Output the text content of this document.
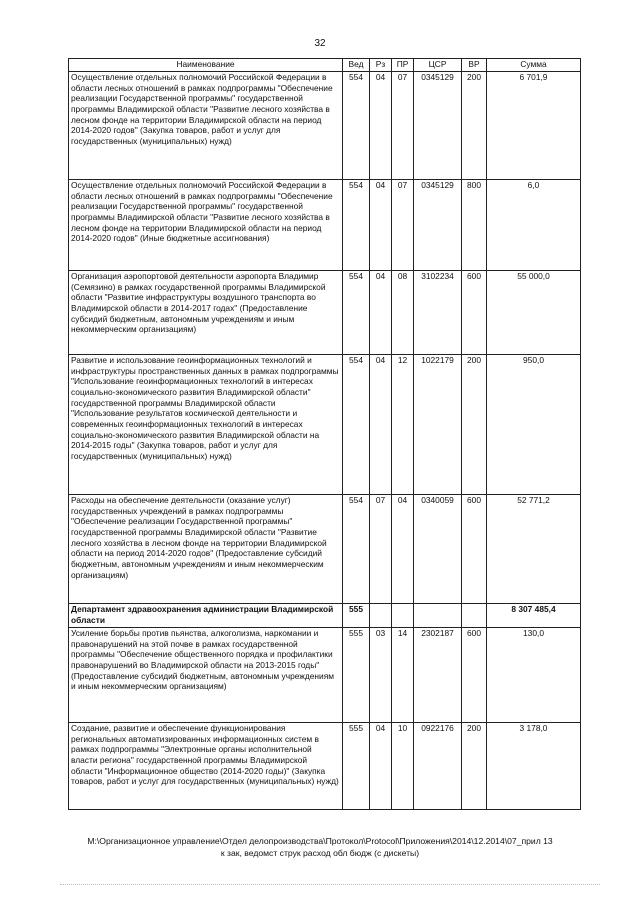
32
Наименование	Вед	Рз	ПР	ЦСР	ВР	Сумма
Осуществление отдельных полномочий Российской Федерации в области лесных отношений в рамках подпрограммы "Обеспечение реализации Государственной программы" государственной программы Владимирской области "Развитие лесного хозяйства в лесном фонде на территории Владимирской области на период 2014-2020 годов" (Закупка товаров, работ и услуг для государственных (муниципальных) нужд)	554	04	07	0345129	200	6 701,9
Осуществление отдельных полномочий Российской Федерации в области лесных отношений в рамках подпрограммы "Обеспечение реализации Государственной программы" государственной программы Владимирской области "Развитие лесного хозяйства в лесном фонде на территории Владимирской области на период 2014-2020 годов" (Иные бюджетные ассигнования)	554	04	07	0345129	800	6,0
Организация аэропортовой деятельности аэропорта Владимир (Семязино) в рамках государственной программы Владимирской области "Развитие инфраструктуры воздушного транспорта во Владимирской области в 2014-2017 годах" (Предоставление субсидий бюджетным, автономным учреждениям и иным некоммерческим организациям)	554	04	08	3102234	600	55 000,0
Развитие и использование геоинформационных технологий и инфраструктуры пространственных данных в рамках подпрограммы "Использование геоинформационных технологий в интересах социально-экономического развития Владимирской области" государственной программы Владимирской области "Использование результатов космической деятельности и современных геоинформационных технологий в интересах социально-экономического развития Владимирской области на 2014-2015 годы" (Закупка товаров, работ и услуг для государственных (муниципальных) нужд)	554	04	12	1022179	200	950,0
Расходы на обеспечение деятельности (оказание услуг) государственных учреждений в рамках подпрограммы "Обеспечение реализации Государственной программы" государственной программы Владимирской области "Развитие лесного хозяйства в лесном фонде на территории Владимирской области на период 2014-2020 годов" (Предоставление субсидий бюджетным, автономным учреждениям и иным некоммерческим организациям)	554	07	04	0340059	600	52 771,2
Департамент здравоохранения администрации Владимирской области	555					8 307 485,4
Усиление борьбы против пьянства, алкоголизма, наркомании и правонарушений на этой почве в рамках государственной программы "Обеспечение общественного порядка и профилактики правонарушений во Владимирской области на 2013-2015 годы" (Предоставление субсидий бюджетным, автономным учреждениям и иным некоммерческим организациям)	555	03	14	2302187	600	130,0
Создание, развитие и обеспечение функционирования региональных автоматизированных информационных систем в рамках подпрограммы "Электронные органы исполнительной власти региона" государственной программы Владимирской области "Информационное общество (2014-2020 годы)" (Закупка товаров, работ и услуг для государственных (муниципальных) нужд)	555	04	10	0922176	200	3 178,0
M:\Организационное управление\Отдел делопроизводства\Протокол\Protocol\Приложения\2014\12.2014\07_прил 13
к зак, ведомст струк расход обл бюдж (с дискеты)
